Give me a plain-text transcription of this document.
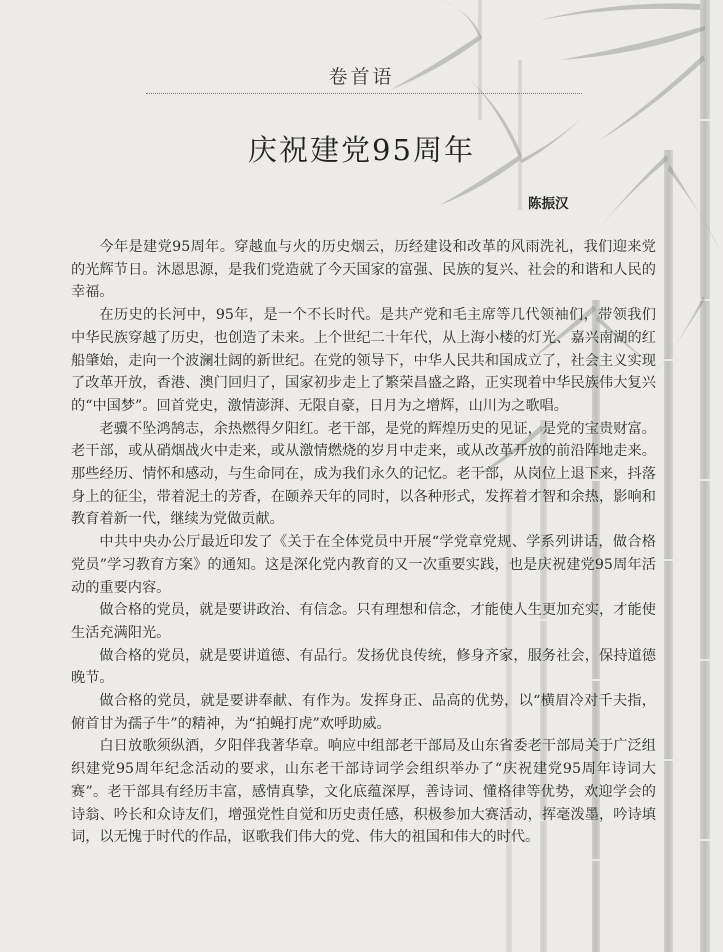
卷首语
庆祝建党95周年
陈振汉

今年是建党95周年。穿越血与火的历史烟云，历经建设和改革的风雨洗礼，我们迎来党的光辉节日。沐恩思源，是我们党造就了今天国家的富强、民族的复兴、社会的和谐和人民的幸福。

在历史的长河中，95年，是一个不长时代。是共产党和毛主席等几代领袖们，带领我们中华民族穿越了历史，也创造了未来。上个世纪二十年代，从上海小楼的灯光、嘉兴南湖的红船肇始，走向一个波澜壮阔的新世纪。在党的领导下，中华人民共和国成立了，社会主义实现了改革开放，香港、澳门回归了，国家初步走上了繁荣昌盛之路，正实现着中华民族伟大复兴的“中国梦”。回首党史，激情澎湃、无限自豪，日月为之增辉，山川为之歌唱。

老骥不坠鸿鹄志，余热燃得夕阳红。老干部，是党的辉煌历史的见证，是党的宝贵财富。老干部，或从硝烟战火中走来，或从激情燃烧的岁月中走来，或从改革开放的前沿阵地走来。那些经历、情怀和感动，与生命同在，成为我们永久的记忆。老干部，从岗位上退下来，抖落身上的征尘，带着泥土的芳香，在颐养天年的同时，以各种形式，发挥着才智和余热，影响和教育着新一代，继续为党做贡献。

中共中央办公厅最近印发了《关于在全体党员中开展“学党章党规、学系列讲话，做合格党员”学习教育方案》的通知。这是深化党内教育的又一次重要实践，也是庆祝建党95周年活动的重要内容。

做合格的党员，就是要讲政治、有信念。只有理想和信念，才能使人生更加充实，才能使生活充满阳光。

做合格的党员，就是要讲道德、有品行。发扬优良传统，修身齐家，服务社会，保持道德晚节。

做合格的党员，就是要讲奉献、有作为。发挥身正、品高的优势，以“横眉冷对千夫指，俯首甘为孺子牛”的精神，为“拍蝇打虎”欢呼助威。

白日放歌须纵酒，夕阳伴我著华章。响应中组部老干部局及山东省委老干部局关于广泛组织建党95周年纪念活动的要求，山东老干部诗词学会组织举办了“庆祝建党95周年诗词大赛”。老干部具有经历丰富，感情真挚，文化底蕴深厚，善诗词、懂格律等优势，欢迎学会的诗翁、吟长和众诗友们，增强党性自觉和历史责任感，积极参加大赛活动，挥毫泼墨，吟诗填词，以无愧于时代的作品，讴歌我们伟大的党、伟大的祖国和伟大的时代。
